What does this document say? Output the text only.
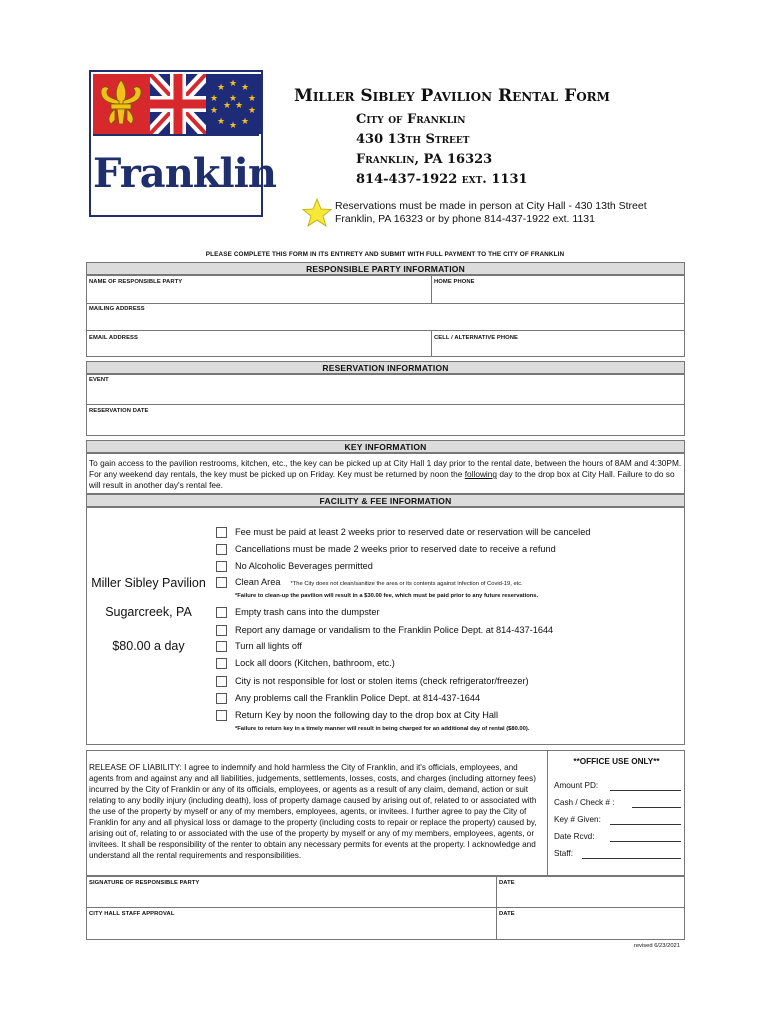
★ ★
★
★
★
★
★
★
★
★
★
★
★
Franklin
Miller Sibley Pavilion Rental Form
City of Franklin
430 13th Street
Franklin, PA 16323
814-437-1922 ext. 1131
Reservations must be made in person at City Hall - 430 13th Street Franklin, PA 16323 or by phone 814-437-1922 ext. 1131
PLEASE COMPLETE THIS FORM IN ITS ENTIRETY AND SUBMIT WITH FULL PAYMENT TO THE CITY OF FRANKLIN
RESPONSIBLE PARTY INFORMATION
NAME OF RESPONSIBLE PARTY	HOME PHONE
MAILING ADDRESS
EMAIL ADDRESS	CELL / ALTERNATIVE PHONE
RESERVATION INFORMATION
EVENT
RESERVATION DATE
KEY INFORMATION
To gain access to the pavilion restrooms, kitchen, etc., the key can be picked up at City Hall 1 day prior to the rental date, between the hours of 8AM and 4:30PM. For any weekend day rentals, the key must be picked up on Friday. Key must be returned by noon the following day to the drop box at City Hall. Failure to do so will result in another day's rental fee.
FACILITY & FEE INFORMATION
Miller Sibley Pavilion
Sugarcreek, PA
$80.00 a day
Fee must be paid at least 2 weeks prior to reserved date or reservation will be canceled
Cancellations must be made 2 weeks prior to reserved date to receive a refund
No Alcoholic Beverages permitted
Clean Area *The City does not clean/sanitize the area or its contents against infection of Covid-19, etc.
*Failure to clean-up the pavilion will result in a $30.00 fee, which must be paid prior to any future reservations.
Empty trash cans into the dumpster
Report any damage or vandalism to the Franklin Police Dept. at 814-437-1644
Turn all lights off
Lock all doors (Kitchen, bathroom, etc.)
City is not responsible for lost or stolen items (check refrigerator/freezer)
Any problems call the Franklin Police Dept. at 814-437-1644
Return Key by noon the following day to the drop box at City Hall
*Failure to return key in a timely manner will result in being charged for an additional day of rental ($80.00).
RELEASE OF LIABILITY: I agree to indemnify and hold harmless the City of Franklin, and it's officials, employees, and agents from and against any and all liabilities, judgements, settlements, losses, costs, and charges (including attorney fees) incurred by the City of Franklin or any of its officials, employees, or agents as a result of any claim, demand, action or suit relating to any bodily injury (including death), loss of property damage caused by arising out of, related to or associated with the use of the property by myself or any of my members, employees, agents, or invitees. I further agree to pay the City of Franklin for any and all physical loss or damage to the property (including costs to repair or replace the property) caused by, arising out of, relating to or associated with the use of the property by myself or any of my members, employees, agents, or invitees. It shall be responsibility of the renter to obtain any necessary permits for events at the property. I acknowledge and understand all the rental requirements and responsibilities.
**OFFICE USE ONLY**
Amount PD:
Cash / Check # :
Key # Given:
Date Rcvd:
Staff:
SIGNATURE OF RESPONSIBLE PARTY	DATE
CITY HALL STAFF APPROVAL	DATE
revised 6/23/2021
